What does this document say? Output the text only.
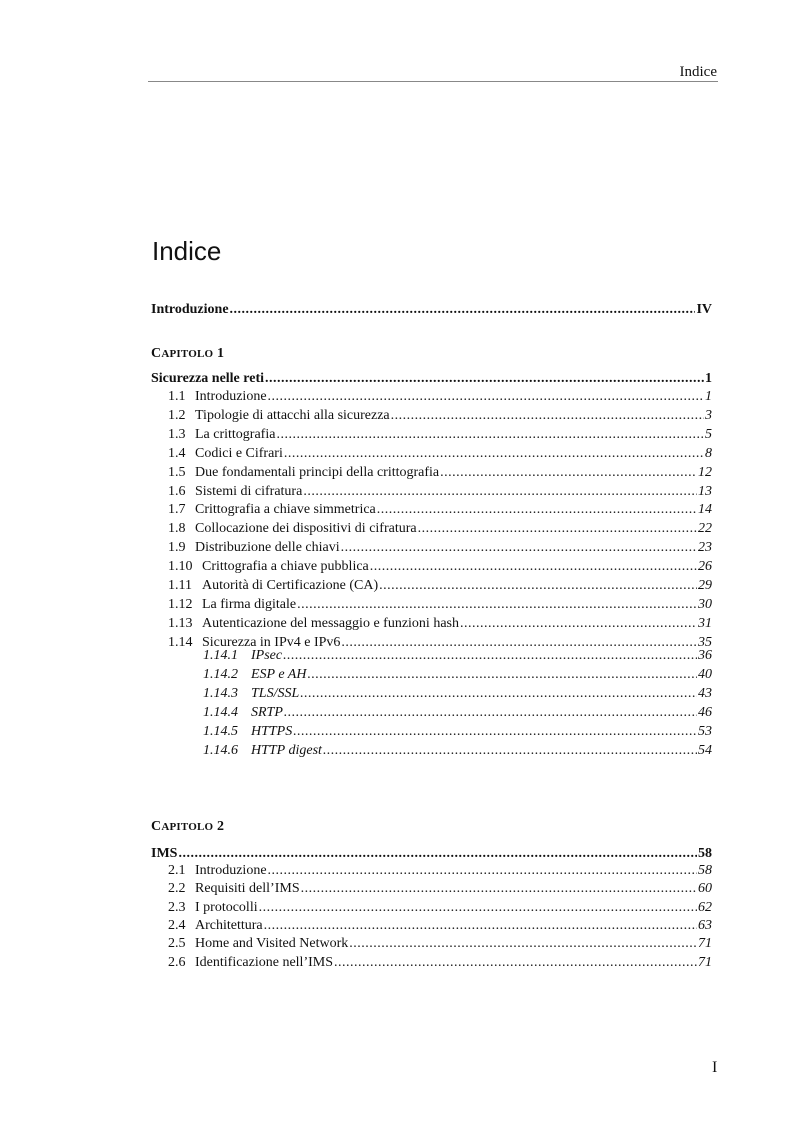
Indice
Indice
Introduzione .....	IV
CAPITOLO 1
Sicurezza nelle reti .....	1
1.1 Introduzione .....	1
1.2 Tipologie di attacchi alla sicurezza .....	3
1.3 La crittografia .....	5
1.4 Codici e Cifrari .....	8
1.5 Due fondamentali principi della crittografia .....	12
1.6 Sistemi di cifratura .....	13
1.7 Crittografia a chiave simmetrica .....	14
1.8 Collocazione dei dispositivi di cifratura .....	22
1.9 Distribuzione delle chiavi .....	23
1.10 Crittografia a chiave pubblica .....	26
1.11 Autorità di Certificazione (CA) .....	29
1.12 La firma digitale .....	30
1.13 Autenticazione del messaggio e funzioni hash .....	31
1.14 Sicurezza in IPv4 e IPv6 .....	35
1.14.1 IPsec .....	36
1.14.2 ESP e AH .....	40
1.14.3 TLS/SSL .....	43
1.14.4 SRTP .....	46
1.14.5 HTTPS .....	53
1.14.6 HTTP digest .....	54
CAPITOLO 2
IMS .....	58
2.1 Introduzione .....	58
2.2 Requisiti dell’IMS .....	60
2.3 I protocolli .....	62
2.4 Architettura .....	63
2.5 Home and Visited Network .....	71
2.6 Identificazione nell’IMS .....	71
I
